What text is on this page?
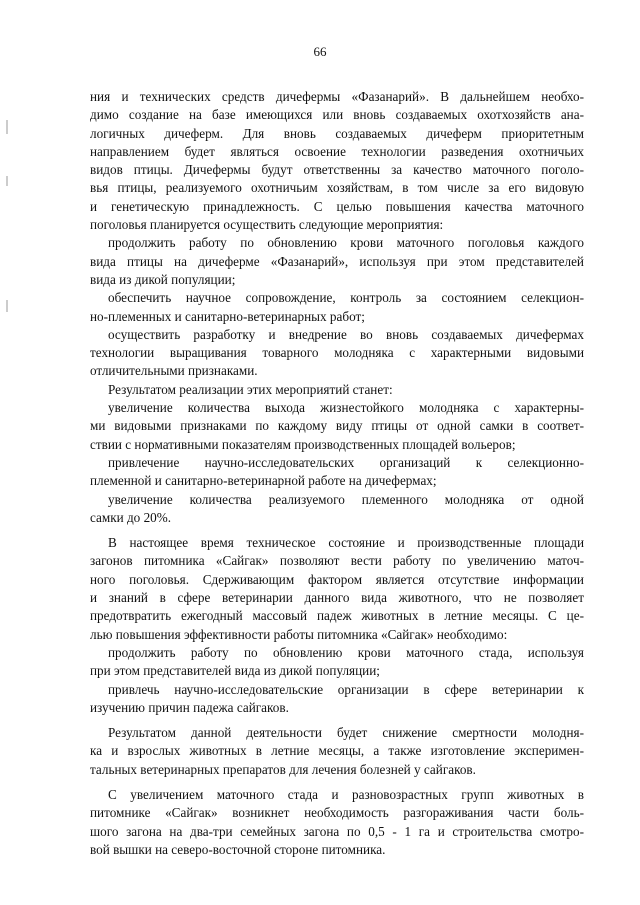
66
ния и технических средств дичефермы «Фазанарий». В дальнейшем необхо-
димо создание на базе имеющихся или вновь создаваемых охотхозяйств ана-
логичных дичеферм. Для вновь создаваемых дичеферм приоритетным
направлением будет являться освоение технологии разведения охотничьих
видов птицы. Дичефермы будут ответственны за качество маточного поголо-
вья птицы, реализуемого охотничьим хозяйствам, в том числе за его видовую
и генетическую принадлежность. С целью повышения качества маточного
поголовья планируется осуществить следующие мероприятия:
продолжить работу по обновлению крови маточного поголовья каждого
вида птицы на дичеферме «Фазанарий», используя при этом представителей
вида из дикой популяции;
обеспечить научное сопровождение, контроль за состоянием селекцион-
но-племенных и санитарно-ветеринарных работ;
осуществить разработку и внедрение во вновь создаваемых дичефермах
технологии выращивания товарного молодняка с характерными видовыми
отличительными признаками.
Результатом реализации этих мероприятий станет:
увеличение количества выхода жизнестойкого молодняка с характерны-
ми видовыми признаками по каждому виду птицы от одной самки в соответ-
ствии с нормативными показателям производственных площадей вольеров;
привлечение научно-исследовательских организаций к селекционно-
племенной и санитарно-ветеринарной работе на дичефермах;
увеличение количества реализуемого племенного молодняка от одной
самки до 20%.
В настоящее время техническое состояние и производственные площади
загонов питомника «Сайгак» позволяют вести работу по увеличению маточ-
ного поголовья. Сдерживающим фактором является отсутствие информации
и знаний в сфере ветеринарии данного вида животного, что не позволяет
предотвратить ежегодный массовый падеж животных в летние месяцы. С це-
лью повышения эффективности работы питомника «Сайгак» необходимо:
продолжить работу по обновлению крови маточного стада, используя
при этом представителей вида из дикой популяции;
привлечь научно-исследовательские организации в сфере ветеринарии к
изучению причин падежа сайгаков.
Результатом данной деятельности будет снижение смертности молодня-
ка и взрослых животных в летние месяцы, а также изготовление эксперимен-
тальных ветеринарных препаратов для лечения болезней у сайгаков.
С увеличением маточного стада и разновозрастных групп животных в
питомнике «Сайгак» возникнет необходимость разгораживания части боль-
шого загона на два-три семейных загона по 0,5 - 1 га и строительства смотро-
вой вышки на северо-восточной стороне питомника.
